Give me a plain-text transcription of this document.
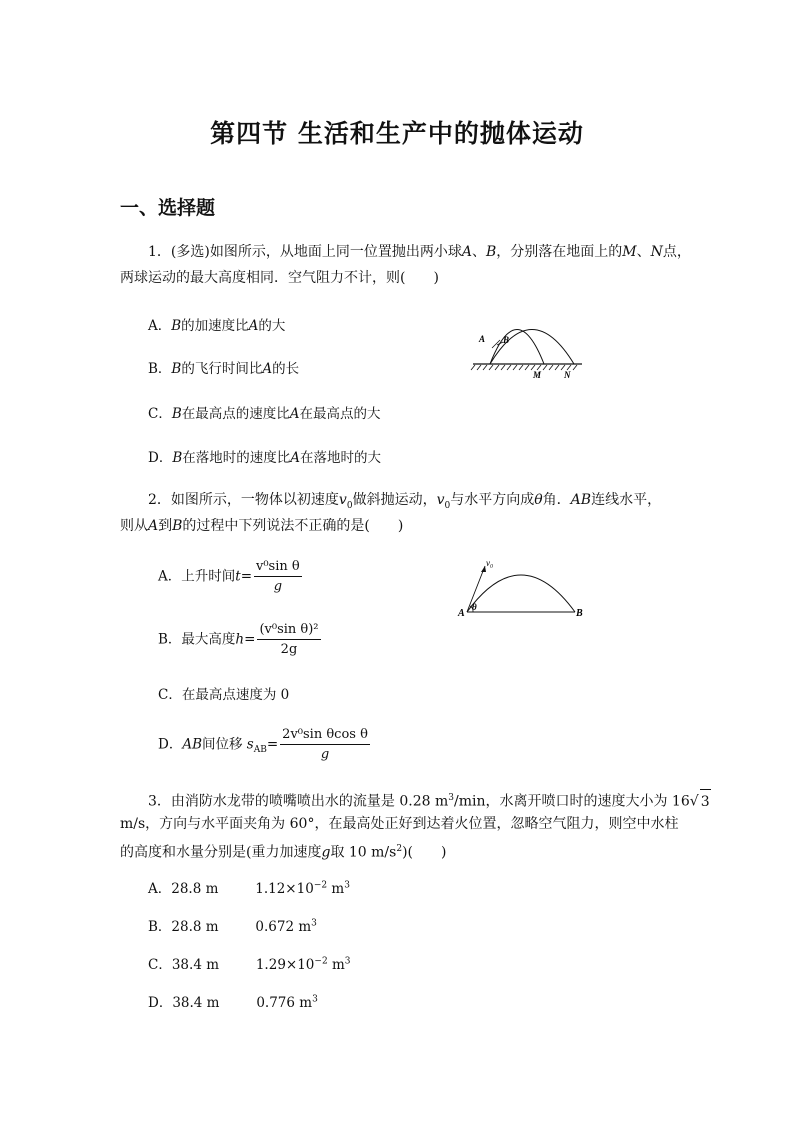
第四节 生活和生产中的抛体运动
一、选择题
1．(多选)如图所示，从地面上同一位置抛出两小球A、B，分别落在地面上的M、N点，
两球运动的最大高度相同．空气阻力不计，则(　　)
A．B的加速度比A的大
B．B的飞行时间比A的长
C．B在最高点的速度比A在最高点的大
D．B在落地时的速度比A在落地时的大
A B
M	N
2．如图所示，一物体以初速度$v_0$做斜抛运动，$v_0$与水平方向成θ角．AB连线水平，
则从A到B的过程中下列说法不正确的是(　　)
A．上升时间$t= \frac{\text{v⁰sin θ}}{g}$
B．最大高度$h= \frac{\text{(v⁰sin θ)²}}{2g}$
C．在最高点速度为 0
D．AB间位移 $s_{AB}= \frac{\text{2v⁰sin θcos θ}}{g}$
v₀
θ
A	B
3．由消防水龙带的喷嘴喷出水的流量是 0.28 $m^3/\min$，水离开喷口时的速度大小为 16√ 3
m/s，方向与水平面夹角为 60°，在最高处正好到达着火位置，忽略空气阻力，则空中水柱
的高度和水量分别是(重力加速度g取 10 $m/s^2$)(　　)
A．28.8 m	$1.12\times 10^{-2}$ $m^3$
B．28.8 m	0.672 $m^3$
C．38.4 m	$1.29\times 10^{-2}$ $m^3$
D．38.4 m	0.776 $m^3$
